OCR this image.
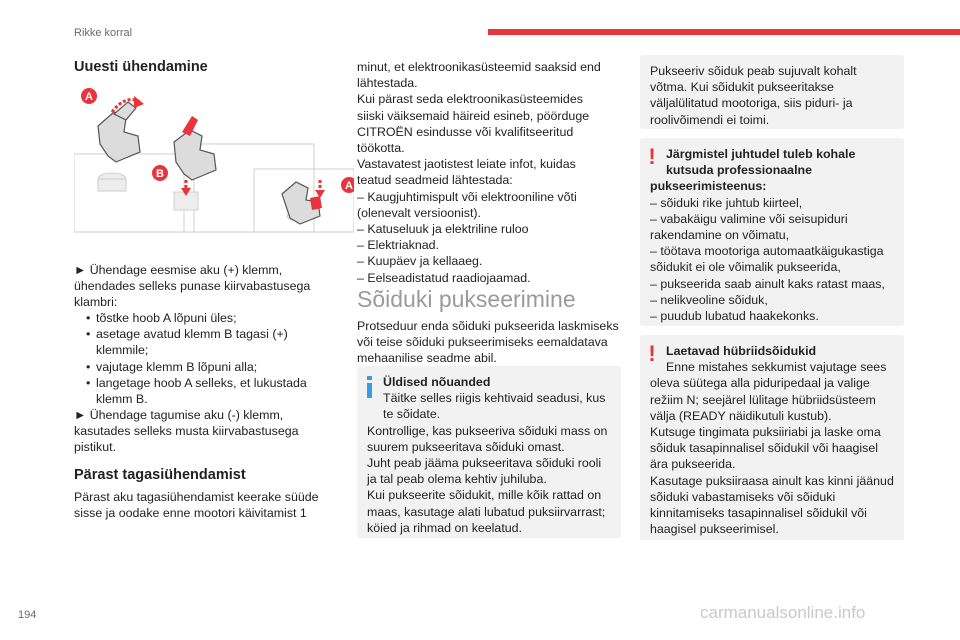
Rikke korral
194	carmanualsonline.info
Uuesti ühendamine
A
B
A

► Ühendage eesmise aku (+) klemm, ühendades selleks punase kiirvabastusega klambri:

• tõstke hoob A lõpuni üles;
• asetage avatud klemm B tagasi (+) klemmile;
• vajutage klemm B lõpuni alla;
• langetage hoob A selleks, et lukustada klemm B.

► Ühendage tagumise aku (-) klemm, kasutades selleks musta kiirvabastusega pistikut.

Pärast tagasiühendamist

Pärast aku tagasiühendamist keerake süüde sisse ja oodake enne mootori käivitamist 1

minut, et elektroonikasüsteemid saaksid end lähtestada.

Kui pärast seda elektroonikasüsteemides siiski väiksemaid häireid esineb, pöörduge CITROËN esindusse või kvalifitseeritud töökotta.

Vastavatest jaotistest leiate infot, kuidas teatud seadmeid lähtestada:

– Kaugjuhtimispult või elektrooniline võti (olenevalt versioonist).

– Katuseluuk ja elektriline ruloo

– Elektriaknad.

– Kuupäev ja kellaaeg.

– Eelseadistatud raadiojaamad.

Sõiduki pukseerimine

Protseduur enda sõiduki pukseerida laskmiseks või teise sõiduki pukseerimiseks eemaldatava mehaanilise seadme abil.

Üldised nõuanded
Täitke selles riigis kehtivaid seadusi, kus te sõidate.

Kontrollige, kas pukseeriva sõiduki mass on suurem pukseeritava sõiduki omast.

Juht peab jääma pukseeritava sõiduki rooli ja tal peab olema kehtiv juhiluba.

Kui pukseerite sõidukit, mille kõik rattad on maas, kasutage alati lubatud puksiirvarrast; köied ja rihmad on keelatud.

Pukseeriv sõiduk peab sujuvalt kohalt võtma. Kui sõidukit pukseeritakse väljalülitatud mootoriga, siis piduri- ja roolivõimendi ei toimi.

! Järgmistel juhtudel tuleb kohale kutsuda professionaalne
pukseerimisteenus:

– sõiduki rike juhtub kiirteel,

– vabakäigu valimine või seisupiduri rakendamine on võimatu,

– töötava mootoriga automaatkäigukastiga sõidukit ei ole võimalik pukseerida,

– pukseerida saab ainult kaks ratast maas,

– nelikveoline sõiduk,

– puudub lubatud haakekonks.

! Laetavad hübriidsõidukid
Enne mistahes sekkumist vajutage sees

oleva süütega alla piduripedaal ja valige režiim N; seejärel lülitage hübriidsüsteem välja (READY näidikutuli kustub).

Kutsuge tingimata puksiiriabi ja laske oma sõiduk tasapinnalisel sõidukil või haagisel ära pukseerida.

Kasutage puksiiraasa ainult kas kinni jäänud sõiduki vabastamiseks või sõiduki kinnitamiseks tasapinnalisel sõidukil või haagisel pukseerimisel.
